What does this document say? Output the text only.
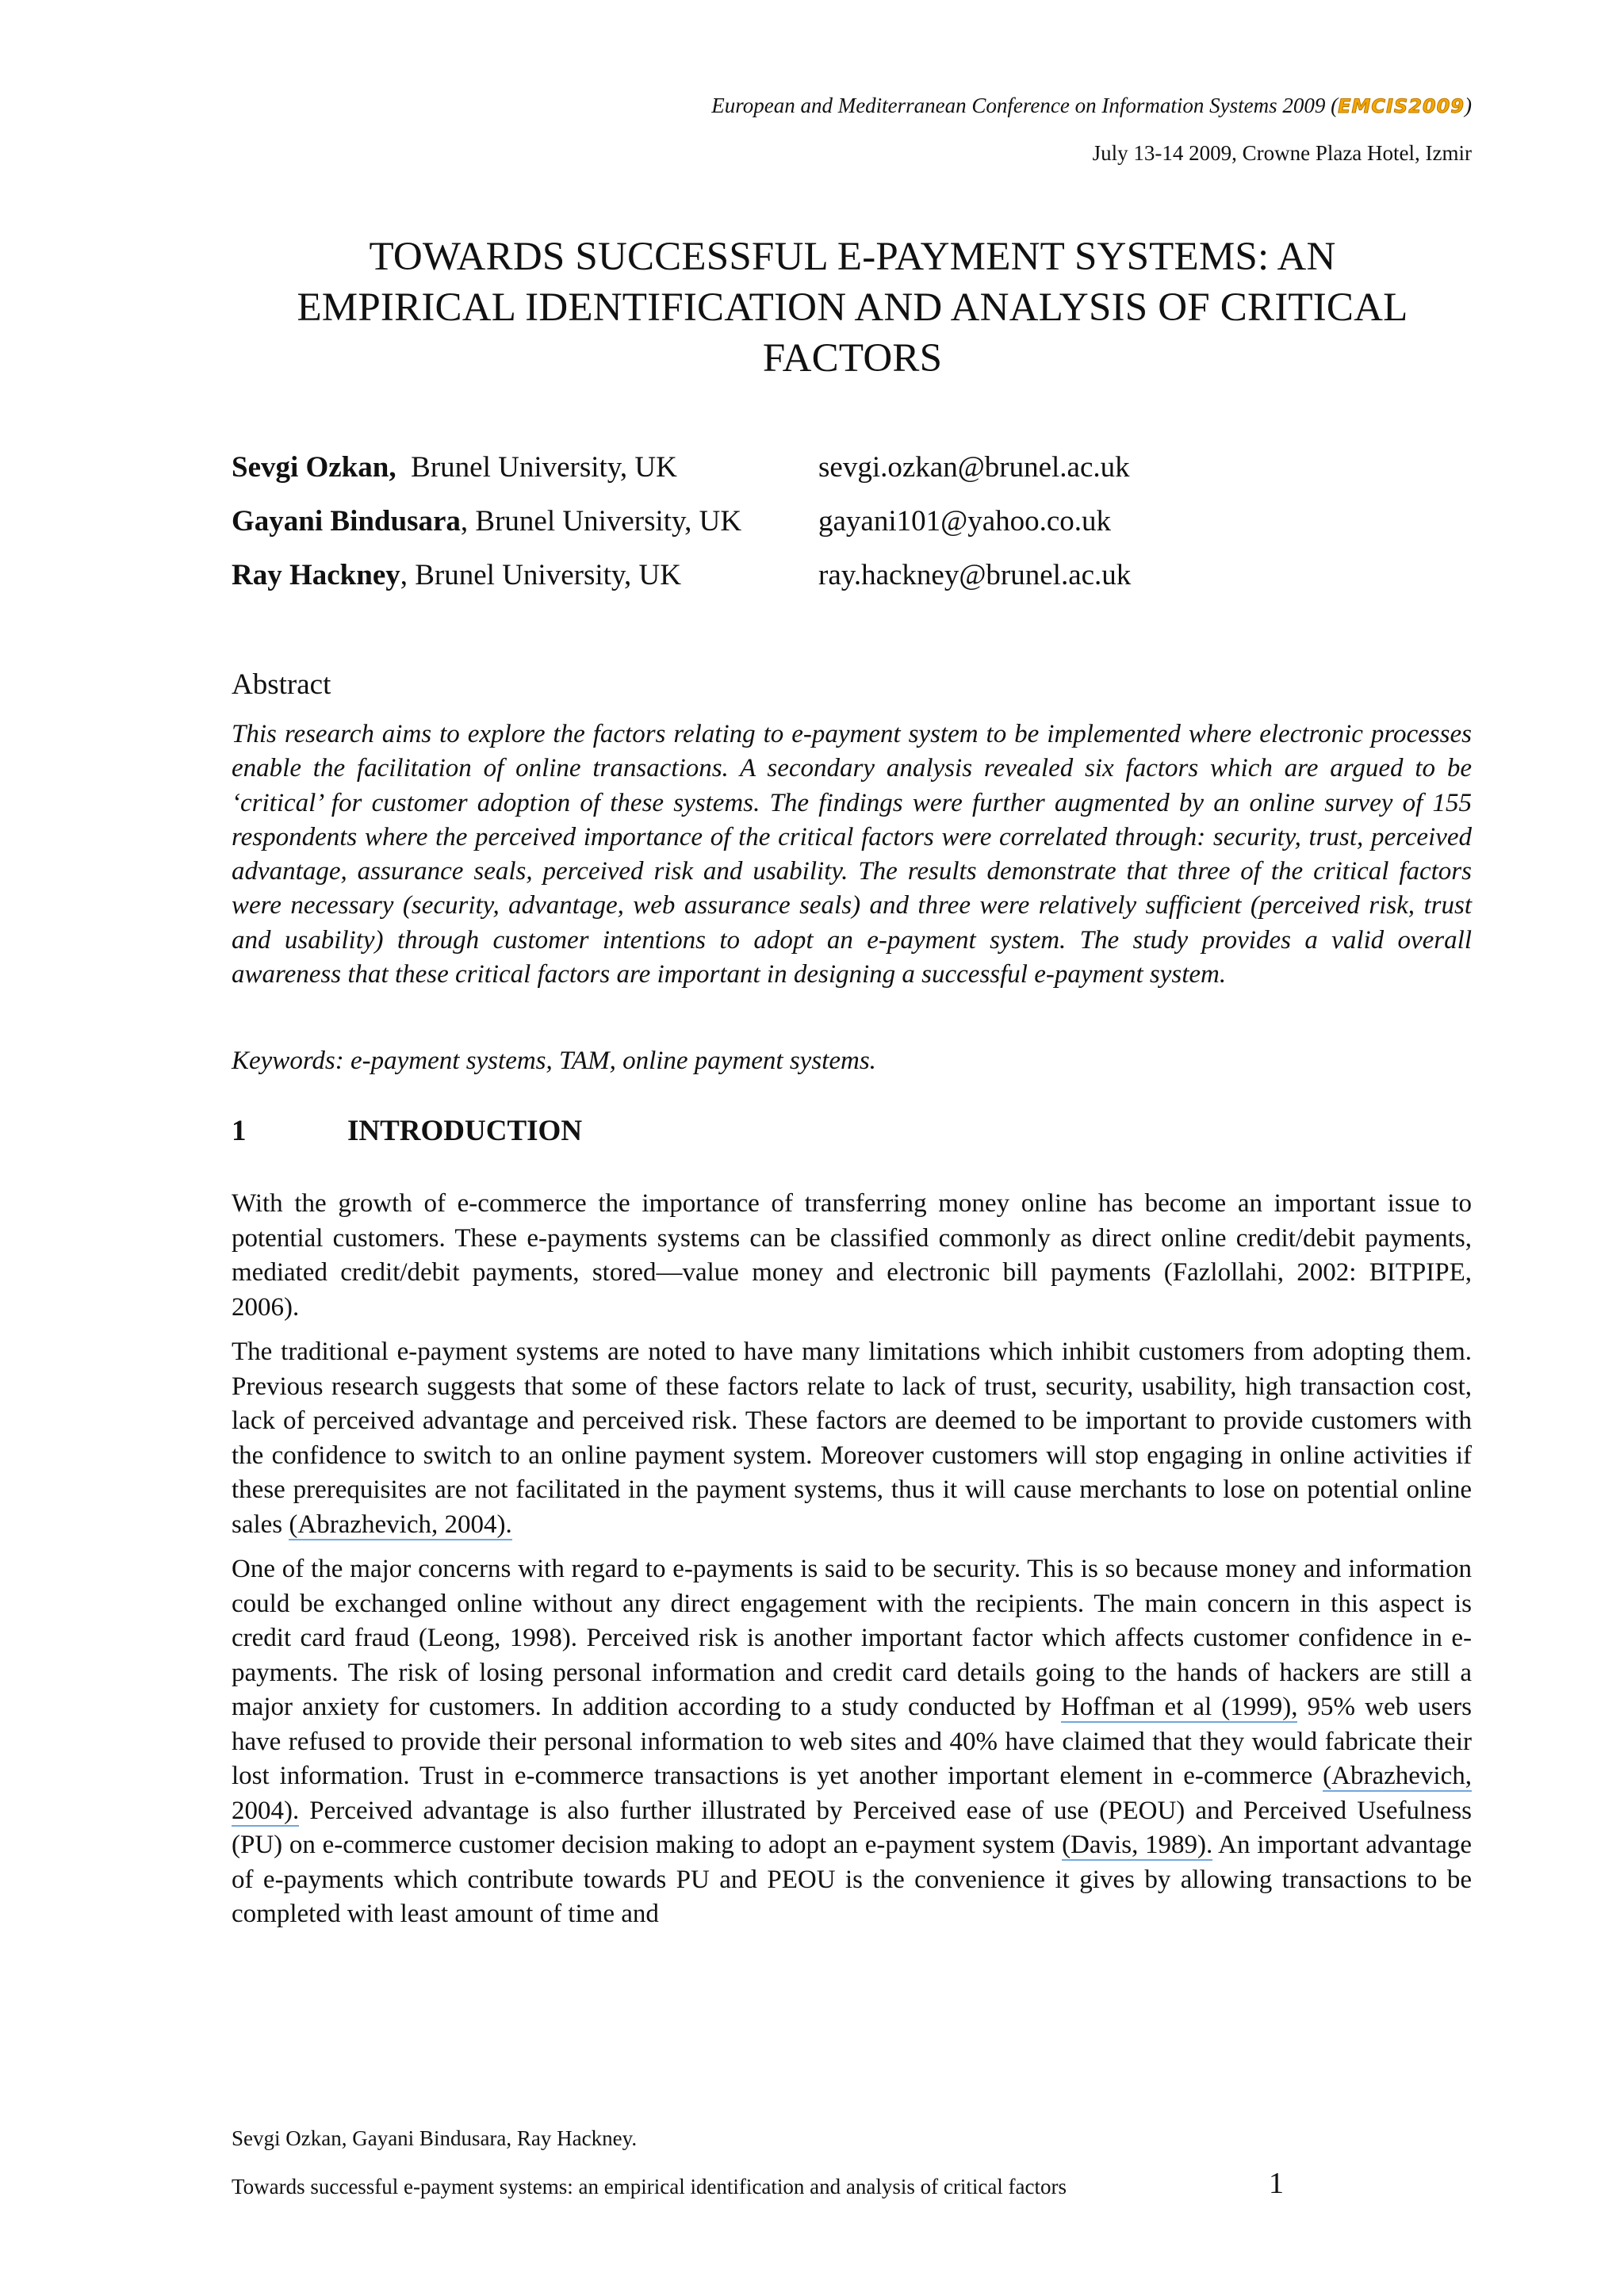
European and Mediterranean Conference on Information Systems 2009 (EMCIS2009)
July 13-14 2009, Crowne Plaza Hotel, Izmir
TOWARDS SUCCESSFUL E-PAYMENT SYSTEMS: AN
EMPIRICAL IDENTIFICATION AND ANALYSIS OF CRITICAL
FACTORS
Sevgi Ozkan,  Brunel University, UK	sevgi.ozkan@brunel.ac.uk
Gayani Bindusara, Brunel University, UK	gayani101@yahoo.co.uk
Ray Hackney, Brunel University, UK	ray.hackney@brunel.ac.uk
Abstract
This research aims to explore the factors relating to e-payment system to be implemented where electronic processes enable the facilitation of online transactions. A secondary analysis revealed six factors which are argued to be ‘critical’ for customer adoption of these systems. The findings were further augmented by an online survey of 155 respondents where the perceived importance of the critical factors were correlated through: security, trust, perceived advantage, assurance seals, perceived risk and usability. The results demonstrate that three of the critical factors were necessary (security, advantage, web assurance seals) and three were relatively sufficient (perceived risk, trust and usability) through customer intentions to adopt an e-payment system. The study provides a valid overall awareness that these critical factors are important in designing a successful e-payment system.
Keywords: e-payment systems, TAM, online payment systems.
1	INTRODUCTION

With the growth of e-commerce the importance of transferring money online has become an important issue to potential customers. These e-payments systems can be classified commonly as direct online credit/debit payments, mediated credit/debit payments, stored—value money and electronic bill payments (Fazlollahi, 2002: BITPIPE, 2006).

The traditional e-payment systems are noted to have many limitations which inhibit customers from adopting them. Previous research suggests that some of these factors relate to lack of trust, security, usability, high transaction cost, lack of perceived advantage and perceived risk. These factors are deemed to be important to provide customers with the confidence to switch to an online payment system. Moreover customers will stop engaging in online activities if these prerequisites are not facilitated in the payment systems, thus it will cause merchants to lose on potential online sales (Abrazhevich, 2004).

One of the major concerns with regard to e-payments is said to be security. This is so because money and information could be exchanged online without any direct engagement with the recipients. The main concern in this aspect is credit card fraud (Leong, 1998). Perceived risk is another important factor which affects customer confidence in e-payments. The risk of losing personal information and credit card details going to the hands of hackers are still a major anxiety for customers. In addition according to a study conducted by Hoffman et al (1999), 95% web users have refused to provide their personal information to web sites and 40% have claimed that they would fabricate their lost information. Trust in e-commerce transactions is yet another important element in e-commerce (Abrazhevich, 2004). Perceived advantage is also further illustrated by Perceived ease of use (PEOU) and Perceived Usefulness (PU) on e-commerce customer decision making to adopt an e-payment system (Davis, 1989). An important advantage of e-payments which contribute towards PU and PEOU is the convenience it gives by allowing transactions to be completed with least amount of time and

Sevgi Ozkan, Gayani Bindusara, Ray Hackney.
Towards successful e-payment systems: an empirical identification and analysis of critical factors	1
